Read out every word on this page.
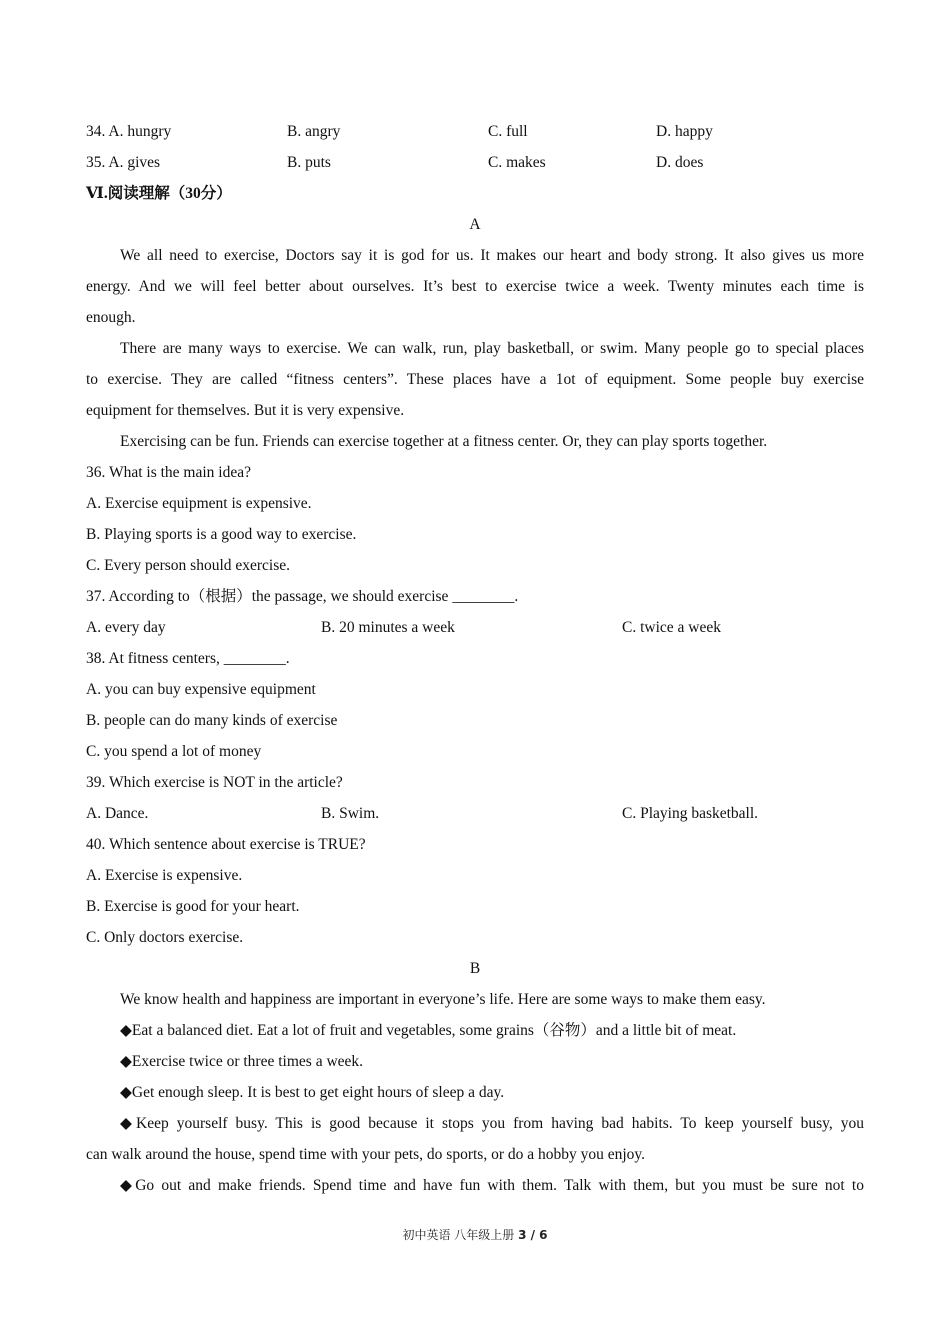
34. A. hungry	B. angry	C. full	D. happy
35. A. gives	B. puts	C. makes	D. does
Ⅵ.阅读理解（30分）
A
We all need to exercise, Doctors say it is god for us. It makes our heart and body strong. It also gives us more
energy. And we will feel better about ourselves. It’s best to exercise twice a week. Twenty minutes each time is
enough.
There are many ways to exercise. We can walk, run, play basketball, or swim. Many people go to special places
to exercise. They are called “fitness centers”. These places have a 1ot of equipment. Some people buy exercise
equipment for themselves. But it is very expensive.
Exercising can be fun. Friends can exercise together at a fitness center. Or, they can play sports together.
36. What is the main idea?
A. Exercise equipment is expensive.
B. Playing sports is a good way to exercise.
C. Every person should exercise.
37. According to（根据）the passage, we should exercise ________.
A. every day	B. 20 minutes a week	C. twice a week
38. At fitness centers, ________.
A. you can buy expensive equipment
B. people can do many kinds of exercise
C. you spend a lot of money
39. Which exercise is NOT in the article?
A. Dance.	B. Swim.	C. Playing basketball.
40. Which sentence about exercise is TRUE?
A. Exercise is expensive.
B. Exercise is good for your heart.
C. Only doctors exercise.
B
We know health and happiness are important in everyone’s life. Here are some ways to make them easy.
◆Eat a balanced diet. Eat a lot of fruit and vegetables, some grains（谷物）and a little bit of meat.
◆Exercise twice or three times a week.
◆Get enough sleep. It is best to get eight hours of sleep a day.
◆Keep yourself busy. This is good because it stops you from having bad habits. To keep yourself busy, you
can walk around the house, spend time with your pets, do sports, or do a hobby you enjoy.
◆Go out and make friends. Spend time and have fun with them. Talk with them, but you must be sure not to
初中英语 八年级上册 3 / 6
